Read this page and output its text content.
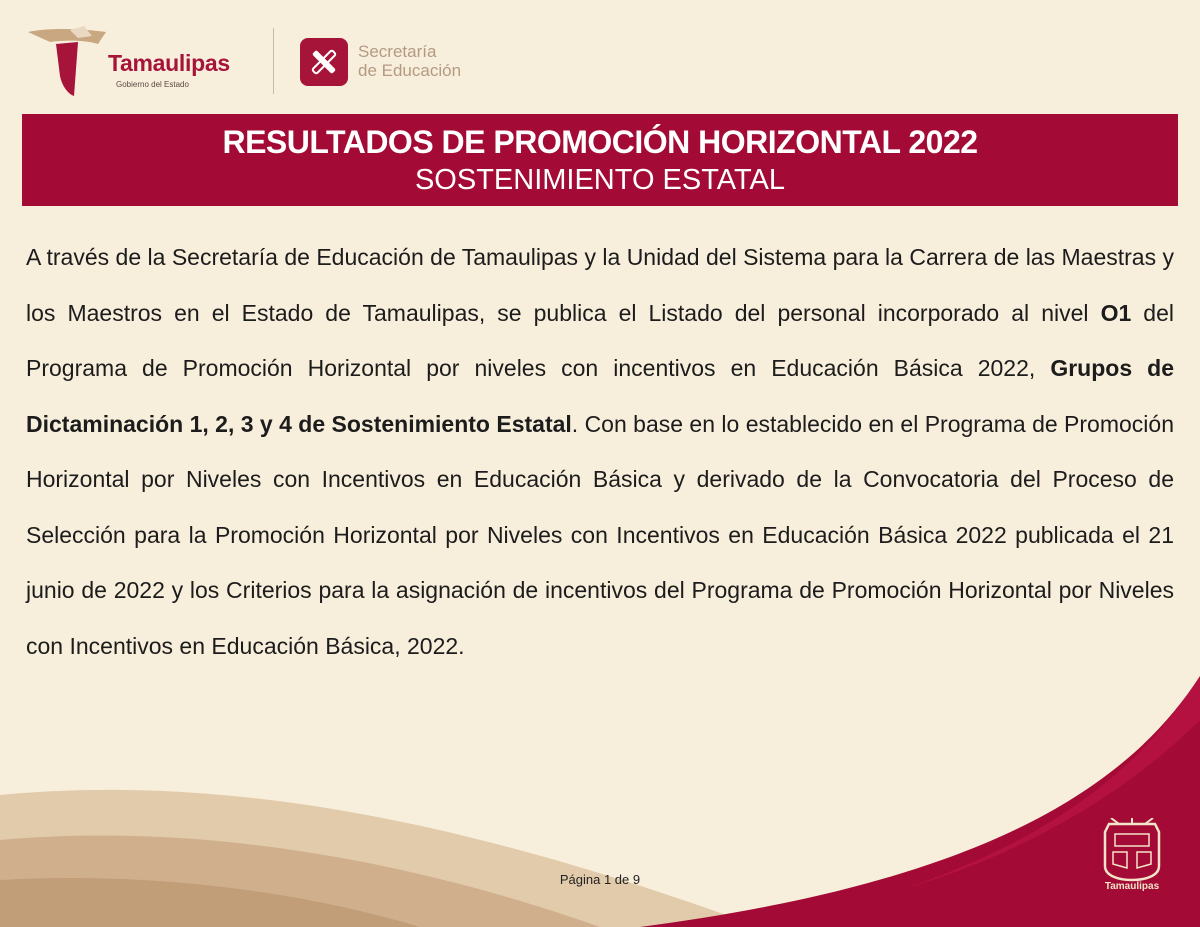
Tamaulipas
Gobierno del Estado
Secretaría
de Educación
RESULTADOS DE PROMOCIÓN HORIZONTAL 2022
SOSTENIMIENTO ESTATAL

A través de la Secretaría de Educación de Tamaulipas y la Unidad del Sistema para la Carrera de las Maestras y los Maestros en el Estado de Tamaulipas, se publica el Listado del personal incorporado al nivel O1 del Programa de Promoción Horizontal por niveles con incentivos en Educación Básica 2022, Grupos de Dictaminación 1, 2, 3 y 4 de Sostenimiento Estatal. Con base en lo establecido en el Programa de Promoción Horizontal por Niveles con Incentivos en Educación Básica y derivado de la Convocatoria del Proceso de Selección para la Promoción Horizontal por Niveles con Incentivos en Educación Básica 2022 publicada el 21 junio de 2022 y los Criterios para la asignación de incentivos del Programa de Promoción Horizontal por Niveles con Incentivos en Educación Básica, 2022.

Página 1 de 9	Tamaulipas
